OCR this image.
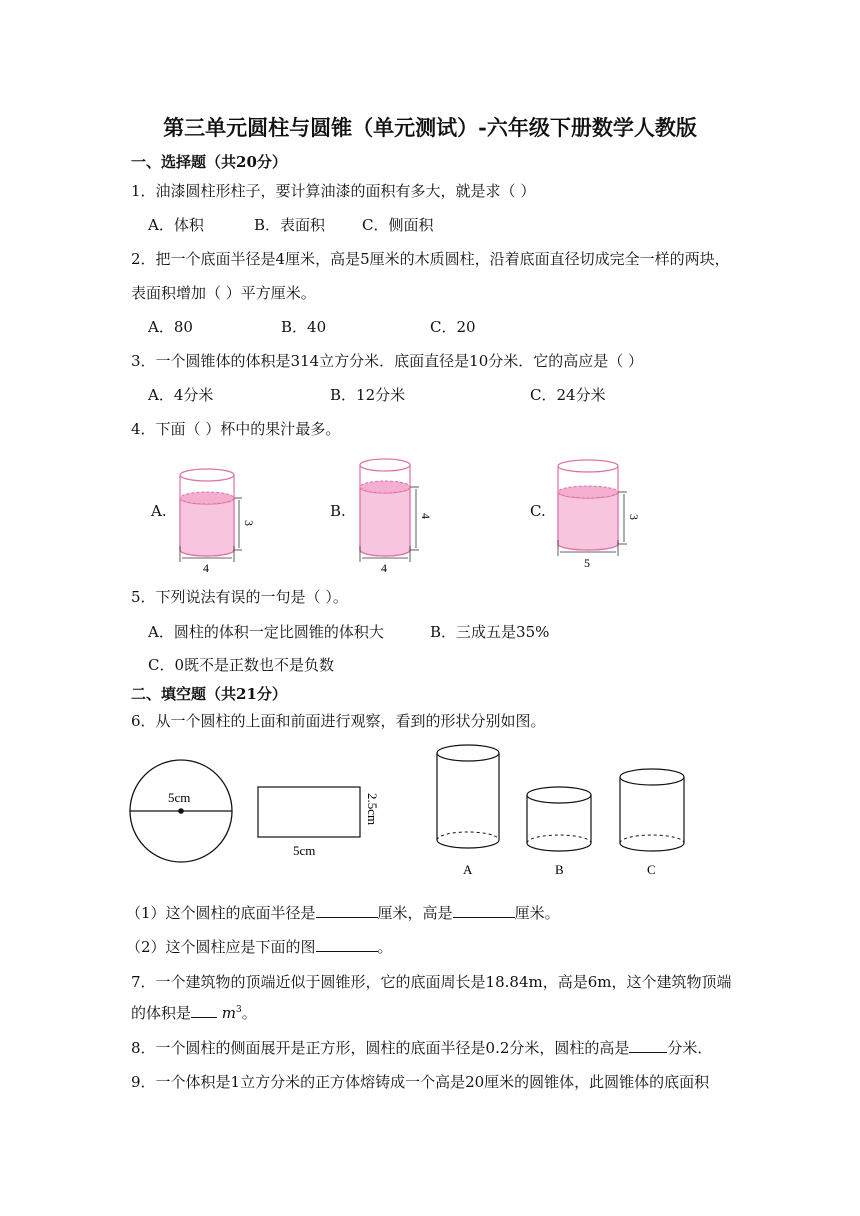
第三单元圆柱与圆锥（单元测试）-六年级下册数学人教版
一、选择题（共20分）
1．油漆圆柱形柱子，要计算油漆的面积有多大，就是求（ ）
A．体积	B．表面积 C．侧面积
2．把一个底面半径是4厘米，高是5厘米的木质圆柱，沿着底面直径切成完全一样的两块，
表面积增加（ ）平方厘米。
A．80	B．40	C．20
3．一个圆锥体的体积是314立方分米．底面直径是10分米．它的高应是（ ）
A．4分米	B．12分米	C．24分米
4．下面（ ）杯中的果汁最多。
A.	B.	C.
4
3
4
4
5
3
5．下列说法有误的一句是（ ）。
A．圆柱的体积一定比圆锥的体积大	B．三成五是35%
C．0既不是正数也不是负数
二、填空题（共21分）
6．从一个圆柱的上面和前面进行观察，看到的形状分别如图。
5cm
5cm
2.5cm
A	B	C
（1）这个圆柱的底面半径是	厘米，高是	厘米。
（2）这个圆柱应是下面的图	。
7．一个建筑物的顶端近似于圆锥形，它的底面周长是18.84m，高是6m，这个建筑物顶端
的体积是 $m^3$。
8．一个圆柱的侧面展开是正方形，圆柱的底面半径是0.2分米，圆柱的高是	分米．
9．一个体积是1立方分米的正方体熔铸成一个高是20厘米的圆锥体，此圆锥体的底面积
